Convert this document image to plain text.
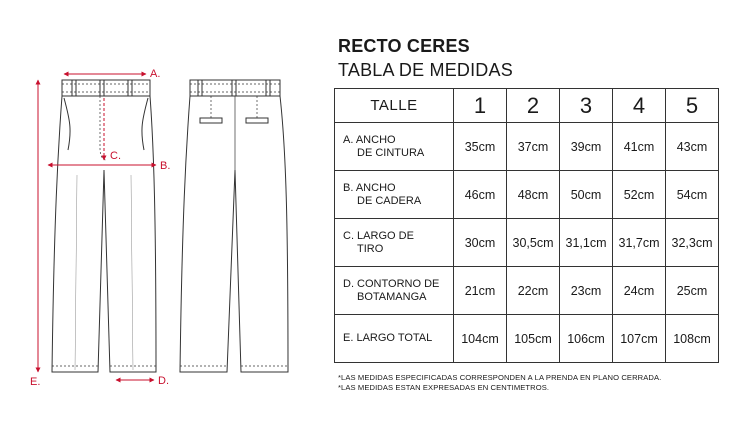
A.
B.
C.
D.
E.
RECTO CERES
TABLA DE MEDIDAS
TALLE	1	2	3	4	5

A. ANCHO
DE CINTURA	35cm	37cm	39cm	41cm	43cm

B. ANCHO
DE CADERA	46cm	48cm	50cm	52cm	54cm

C. LARGO DE
TIRO	30cm	30,5cm	31,1cm	31,7cm	32,3cm

D. CONTORNO DE
BOTAMANGA	21cm	22cm	23cm	24cm	25cm

E. LARGO TOTAL	104cm	105cm	106cm	107cm	108cm
*LAS MEDIDAS ESPECIFICADAS CORRESPONDEN A LA PRENDA EN PLANO CERRADA.
*LAS MEDIDAS ESTAN EXPRESADAS EN CENTIMETROS.
